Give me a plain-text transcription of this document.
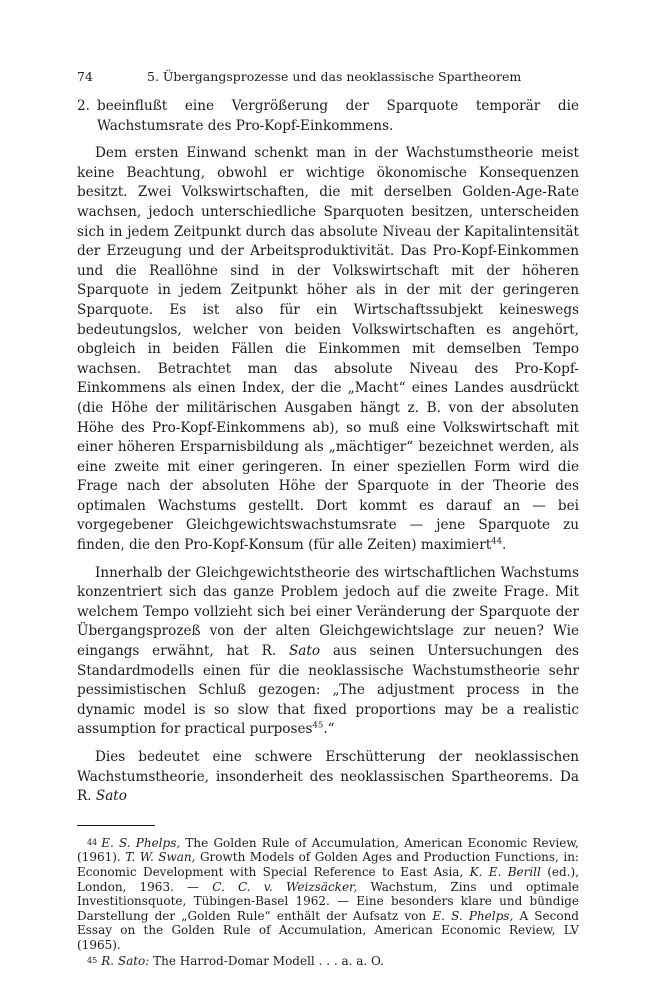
74	5. Übergangsprozesse und das neoklassische Spartheorem
2. beeinflußt eine Vergrößerung der Sparquote temporär die Wachstumsrate des Pro-Kopf-Einkommens.

Dem ersten Einwand schenkt man in der Wachstumstheorie meist keine Beachtung, obwohl er wichtige ökonomische Konsequenzen besitzt. Zwei Volkswirtschaften, die mit derselben Golden-Age-Rate wachsen, jedoch unterschiedliche Sparquoten besitzen, unterscheiden sich in jedem Zeitpunkt durch das absolute Niveau der Kapitalintensität der Erzeugung und der Arbeitsproduktivität. Das Pro-Kopf-Einkommen und die Reallöhne sind in der Volkswirtschaft mit der höheren Sparquote in jedem Zeitpunkt höher als in der mit der geringeren Sparquote. Es ist also für ein Wirtschaftssubjekt keineswegs bedeutungslos, welcher von beiden Volkswirtschaften es angehört, obgleich in beiden Fällen die Einkommen mit demselben Tempo wachsen. Betrachtet man das absolute Niveau des Pro-Kopf-Einkommens als einen Index, der die „Macht“ eines Landes ausdrückt (die Höhe der militärischen Ausgaben hängt z. B. von der absoluten Höhe des Pro-Kopf-Einkommens ab), so muß eine Volkswirtschaft mit einer höheren Ersparnisbildung als „mächtiger“ bezeichnet werden, als eine zweite mit einer geringeren. In einer speziellen Form wird die Frage nach der absoluten Höhe der Sparquote in der Theorie des optimalen Wachstums gestellt. Dort kommt es darauf an — bei vorgegebener Gleichgewichtswachstumsrate — jene Sparquote zu finden, die den Pro-Kopf-Konsum (für alle Zeiten) maximiert$^{44}$.

Innerhalb der Gleichgewichtstheorie des wirtschaftlichen Wachstums konzentriert sich das ganze Problem jedoch auf die zweite Frage. Mit welchem Tempo vollzieht sich bei einer Veränderung der Sparquote der Übergangsprozeß von der alten Gleichgewichtslage zur neuen? Wie eingangs erwähnt, hat R. Sato aus seinen Untersuchungen des Standardmodells einen für die neoklassische Wachstumstheorie sehr pessimistischen Schluß gezogen: „The adjustment process in the dynamic model is so slow that fixed proportions may be a realistic assumption for practical purposes$^{45}$.“

Dies bedeutet eine schwere Erschütterung der neoklassischen Wachstumstheorie, insonderheit des neoklassischen Spartheorems. Da R. Sato

44 E. S. Phelps, The Golden Rule of Accumulation, American Economic Review, (1961). T. W. Swan, Growth Models of Golden Ages and Production Functions, in: Economic Development with Special Reference to East Asia, K. E. Berill (ed.), London, 1963. — C. C. v. Weizsäcker, Wachstum, Zins und optimale Investitionsquote, Tübingen-Basel 1962. — Eine besonders klare und bündige Darstellung der „Golden Rule“ enthält der Aufsatz von E. S. Phelps, A Second Essay on the Golden Rule of Accumulation, American Economic Review, LV (1965).

45 R. Sato: The Harrod-Domar Modell . . . a. a. O.
